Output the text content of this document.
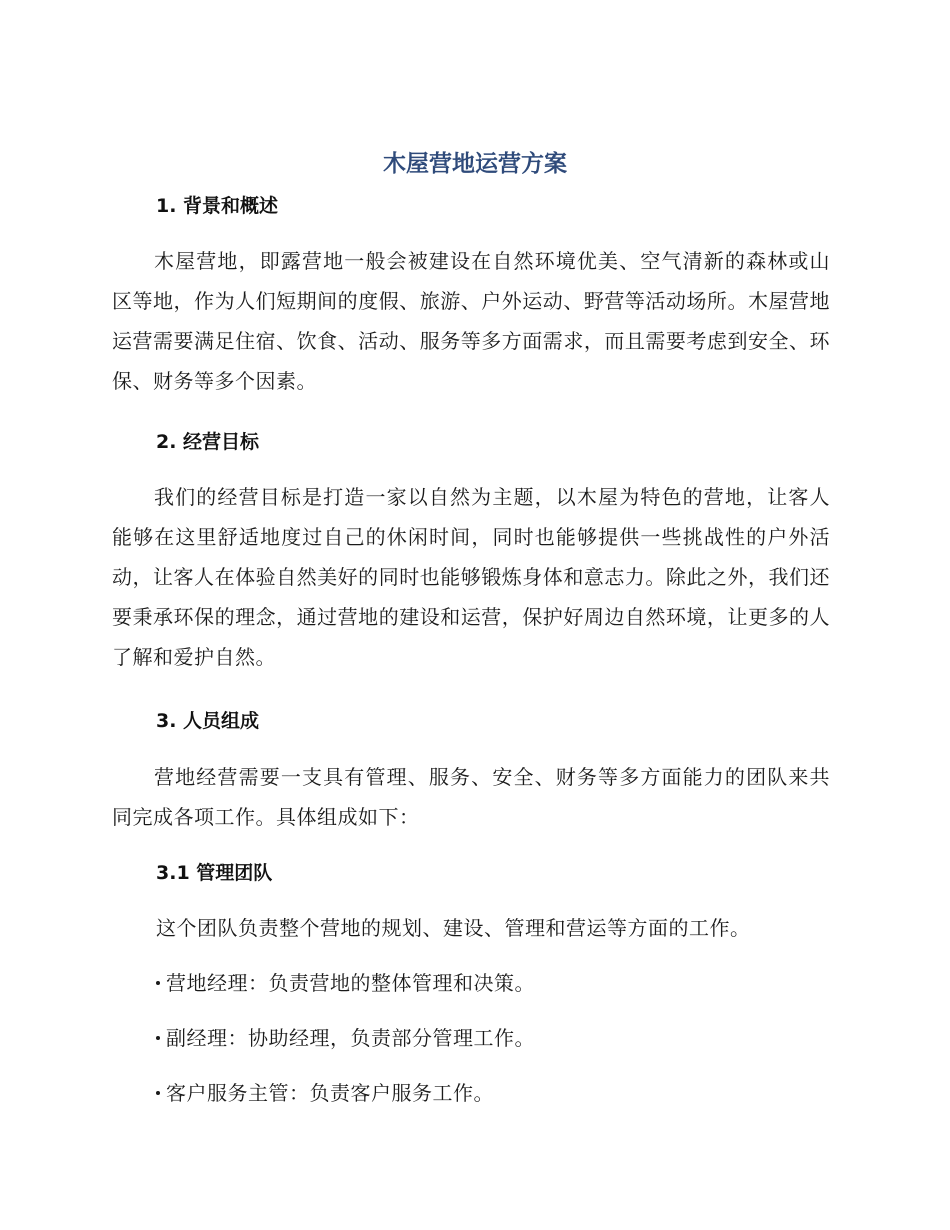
木屋营地运营方案
1. 背景和概述

木屋营地，即露营地一般会被建设在自然环境优美、空气清新的森林或山区等地，作为人们短期间的度假、旅游、户外运动、野营等活动场所。木屋营地运营需要满足住宿、饮食、活动、服务等多方面需求，而且需要考虑到安全、环保、财务等多个因素。

2. 经营目标

我们的经营目标是打造一家以自然为主题，以木屋为特色的营地，让客人能够在这里舒适地度过自己的休闲时间，同时也能够提供一些挑战性的户外活动，让客人在体验自然美好的同时也能够锻炼身体和意志力。除此之外，我们还要秉承环保的理念，通过营地的建设和运营，保护好周边自然环境，让更多的人了解和爱护自然。

3. 人员组成

营地经营需要一支具有管理、服务、安全、财务等多方面能力的团队来共同完成各项工作。具体组成如下：

3.1 管理团队
这个团队负责整个营地的规划、建设、管理和营运等方面的工作。
营地经理：负责营地的整体管理和决策。
副经理：协助经理，负责部分管理工作。
客户服务主管：负责客户服务工作。
